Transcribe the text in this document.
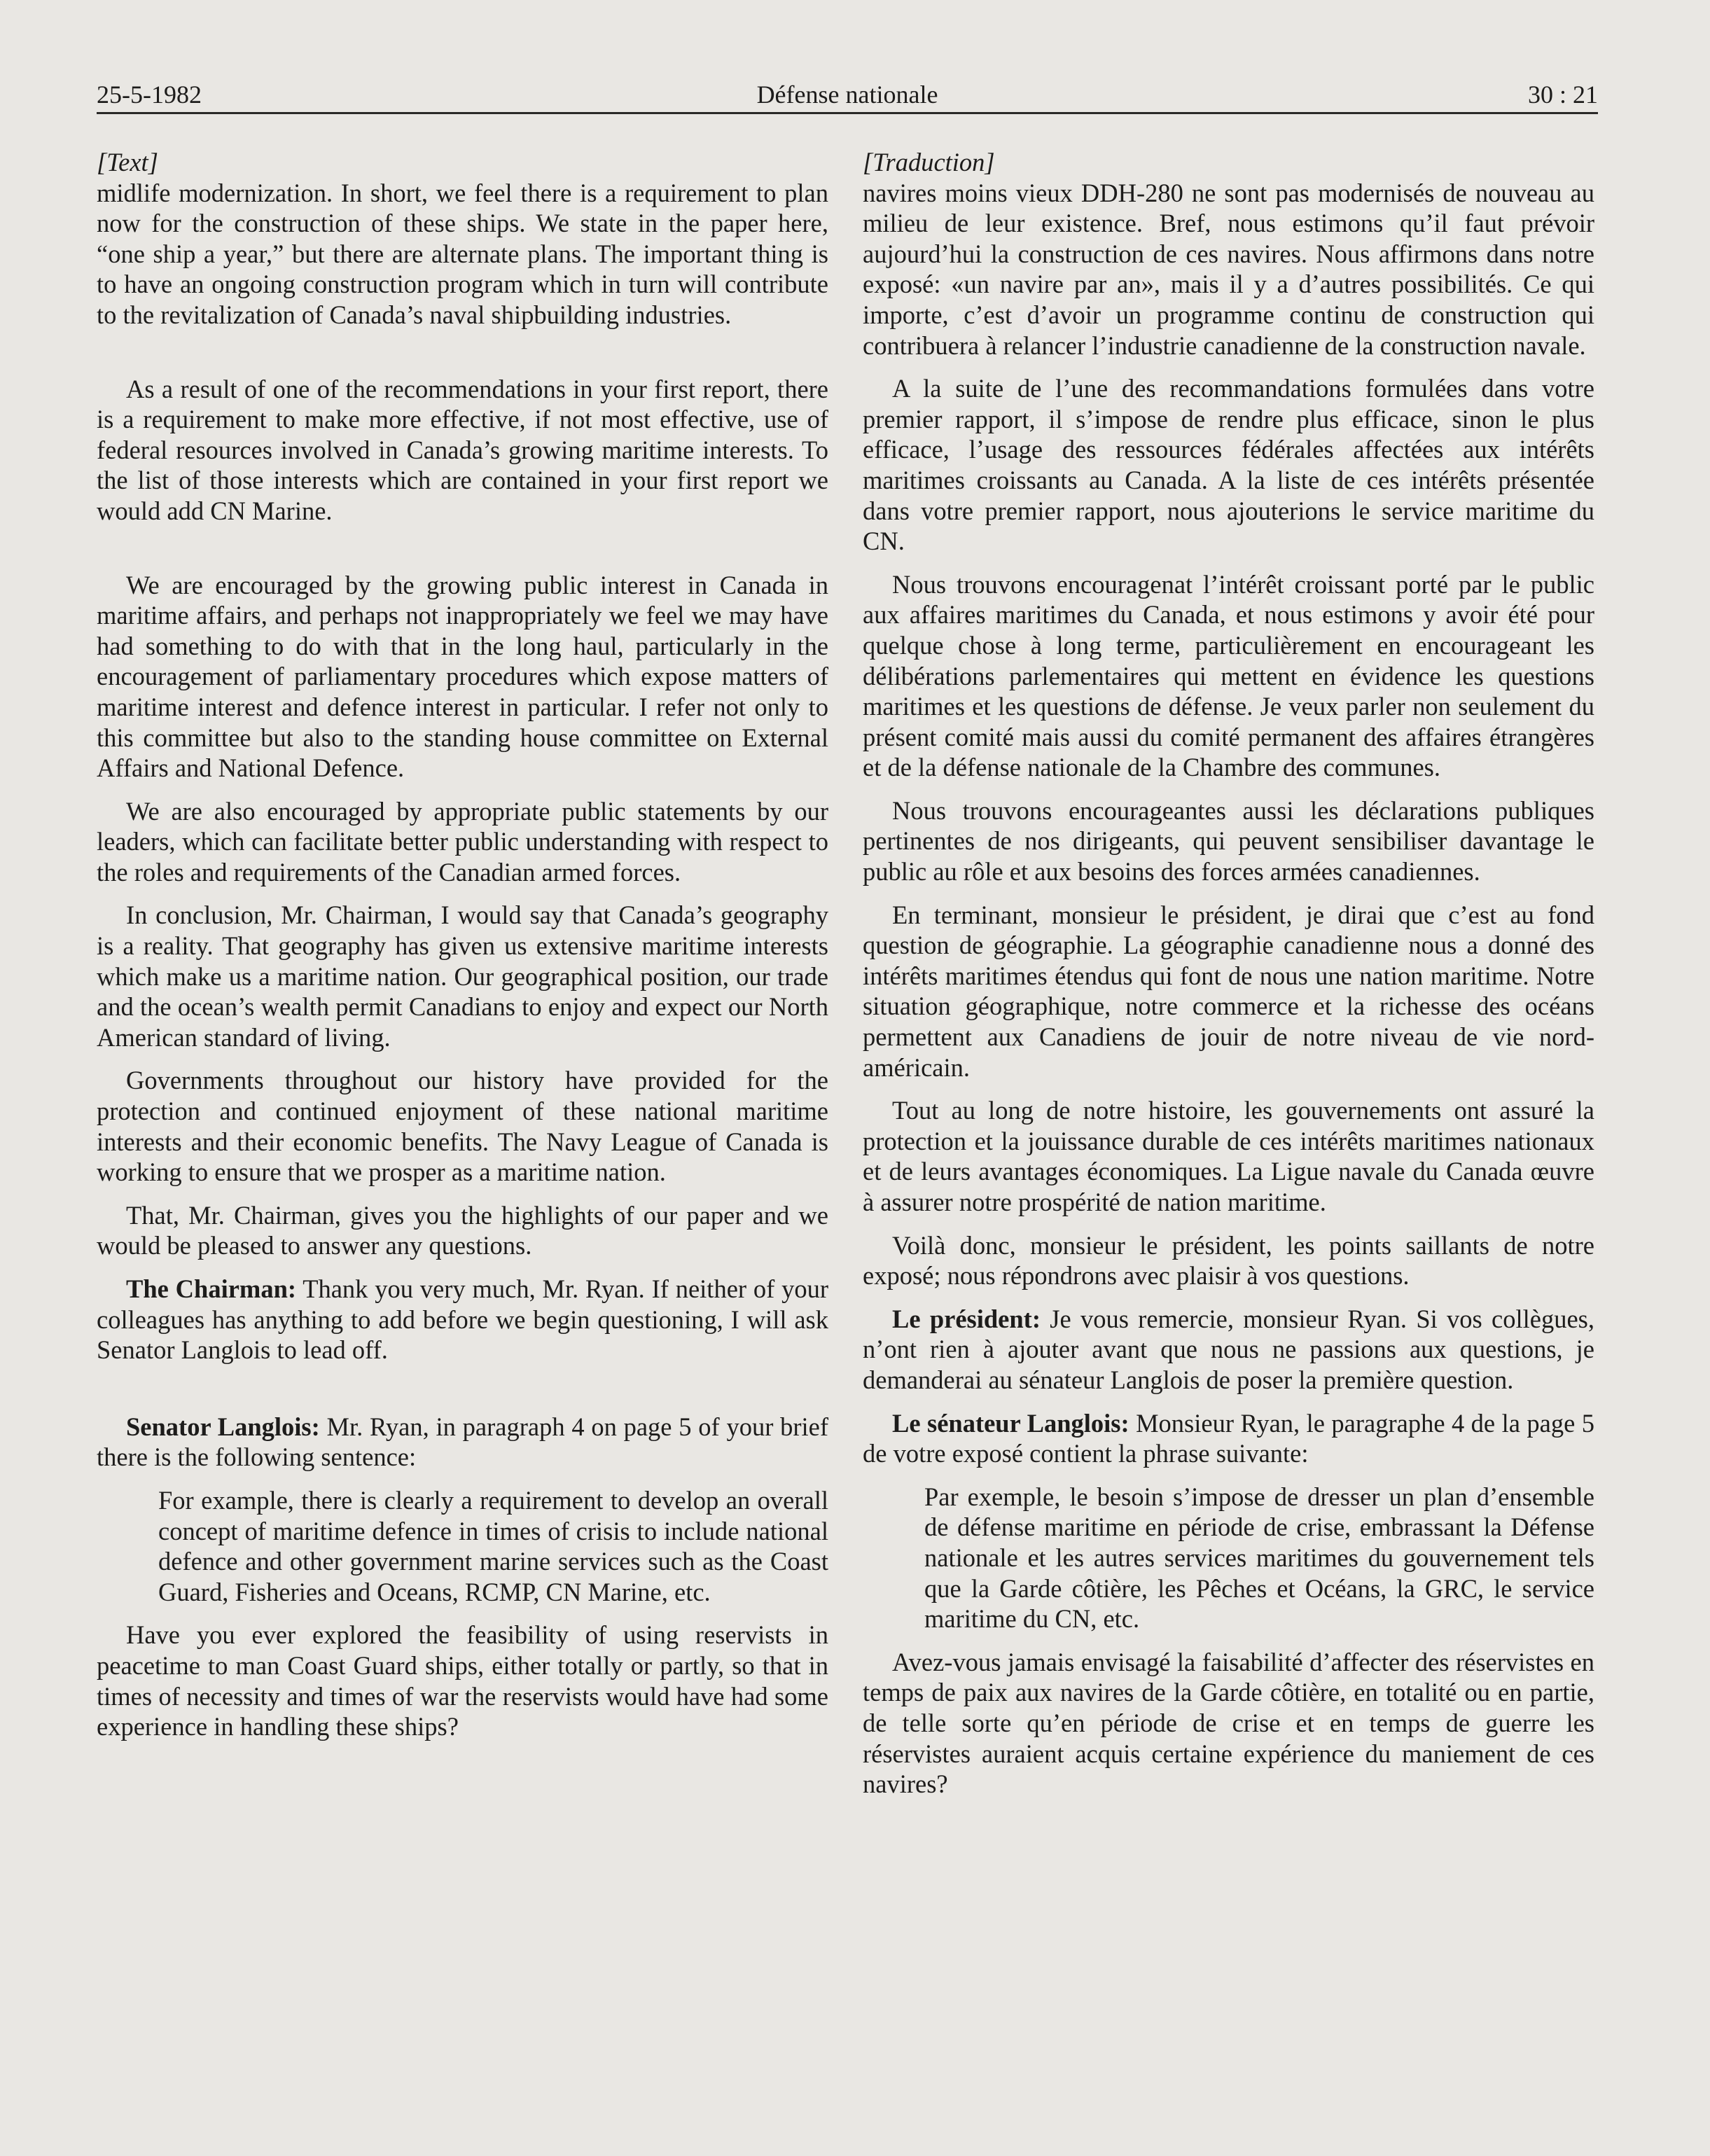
25-5-1982	Défense nationale	30 : 21

[Text]

midlife modernization. In short, we feel there is a requirement to plan now for the construction of these ships. We state in the paper here, “one ship a year,” but there are alternate plans. The important thing is to have an ongoing construction program which in turn will contribute to the revitalization of Canada’s naval shipbuilding industries.

As a result of one of the recommendations in your first report, there is a requirement to make more effective, if not most effective, use of federal resources involved in Canada’s growing maritime interests. To the list of those interests which are contained in your first report we would add CN Marine.

We are encouraged by the growing public interest in Canada in maritime affairs, and perhaps not inappropriately we feel we may have had something to do with that in the long haul, particularly in the encouragement of parliamentary procedures which expose matters of maritime interest and defence interest in particular. I refer not only to this committee but also to the standing house committee on External Affairs and National Defence.

We are also encouraged by appropriate public statements by our leaders, which can facilitate better public understanding with respect to the roles and requirements of the Canadian armed forces.

In conclusion, Mr. Chairman, I would say that Canada’s geography is a reality. That geography has given us extensive maritime interests which make us a maritime nation. Our geographical position, our trade and the ocean’s wealth permit Canadians to enjoy and expect our North American standard of living.

Governments throughout our history have provided for the protection and continued enjoyment of these national maritime interests and their economic benefits. The Navy League of Canada is working to ensure that we prosper as a maritime nation.

That, Mr. Chairman, gives you the highlights of our paper and we would be pleased to answer any questions.

The Chairman: Thank you very much, Mr. Ryan. If neither of your colleagues has anything to add before we begin questioning, I will ask Senator Langlois to lead off.

Senator Langlois: Mr. Ryan, in paragraph 4 on page 5 of your brief there is the following sentence:

For example, there is clearly a requirement to develop an overall concept of maritime defence in times of crisis to include national defence and other government marine services such as the Coast Guard, Fisheries and Oceans, RCMP, CN Marine, etc.

Have you ever explored the feasibility of using reservists in peacetime to man Coast Guard ships, either totally or partly, so that in times of necessity and times of war the reservists would have had some experience in handling these ships?

[Traduction]

navires moins vieux DDH-280 ne sont pas modernisés de nouveau au milieu de leur existence. Bref, nous estimons qu’il faut prévoir aujourd’hui la construction de ces navires. Nous affirmons dans notre exposé: «un navire par an», mais il y a d’autres possibilités. Ce qui importe, c’est d’avoir un programme continu de construction qui contribuera à relancer l’industrie canadienne de la construction navale.

A la suite de l’une des recommandations formulées dans votre premier rapport, il s’impose de rendre plus efficace, sinon le plus efficace, l’usage des ressources fédérales affectées aux intérêts maritimes croissants au Canada. A la liste de ces intérêts présentée dans votre premier rapport, nous ajouterions le service maritime du CN.

Nous trouvons encouragenat l’intérêt croissant porté par le public aux affaires maritimes du Canada, et nous estimons y avoir été pour quelque chose à long terme, particulièrement en encourageant les délibérations parlementaires qui mettent en évidence les questions maritimes et les questions de défense. Je veux parler non seulement du présent comité mais aussi du comité permanent des affaires étrangères et de la défense nationale de la Chambre des communes.

Nous trouvons encourageantes aussi les déclarations publiques pertinentes de nos dirigeants, qui peuvent sensibiliser davantage le public au rôle et aux besoins des forces armées canadiennes.

En terminant, monsieur le président, je dirai que c’est au fond question de géographie. La géographie canadienne nous a donné des intérêts maritimes étendus qui font de nous une nation maritime. Notre situation géographique, notre commerce et la richesse des océans permettent aux Canadiens de jouir de notre niveau de vie nord-américain.

Tout au long de notre histoire, les gouvernements ont assuré la protection et la jouissance durable de ces intérêts maritimes nationaux et de leurs avantages économiques. La Ligue navale du Canada œuvre à assurer notre prospérité de nation maritime.

Voilà donc, monsieur le président, les points saillants de notre exposé; nous répondrons avec plaisir à vos questions.

Le président: Je vous remercie, monsieur Ryan. Si vos collègues, n’ont rien à ajouter avant que nous ne passions aux questions, je demanderai au sénateur Langlois de poser la première question.

Le sénateur Langlois: Monsieur Ryan, le paragraphe 4 de la page 5 de votre exposé contient la phrase suivante:

Par exemple, le besoin s’impose de dresser un plan d’ensemble de défense maritime en période de crise, embrassant la Défense nationale et les autres services maritimes du gouvernement tels que la Garde côtière, les Pêches et Océans, la GRC, le service maritime du CN, etc.

Avez-vous jamais envisagé la faisabilité d’affecter des réservistes en temps de paix aux navires de la Garde côtière, en totalité ou en partie, de telle sorte qu’en période de crise et en temps de guerre les réservistes auraient acquis certaine expérience du maniement de ces navires?
